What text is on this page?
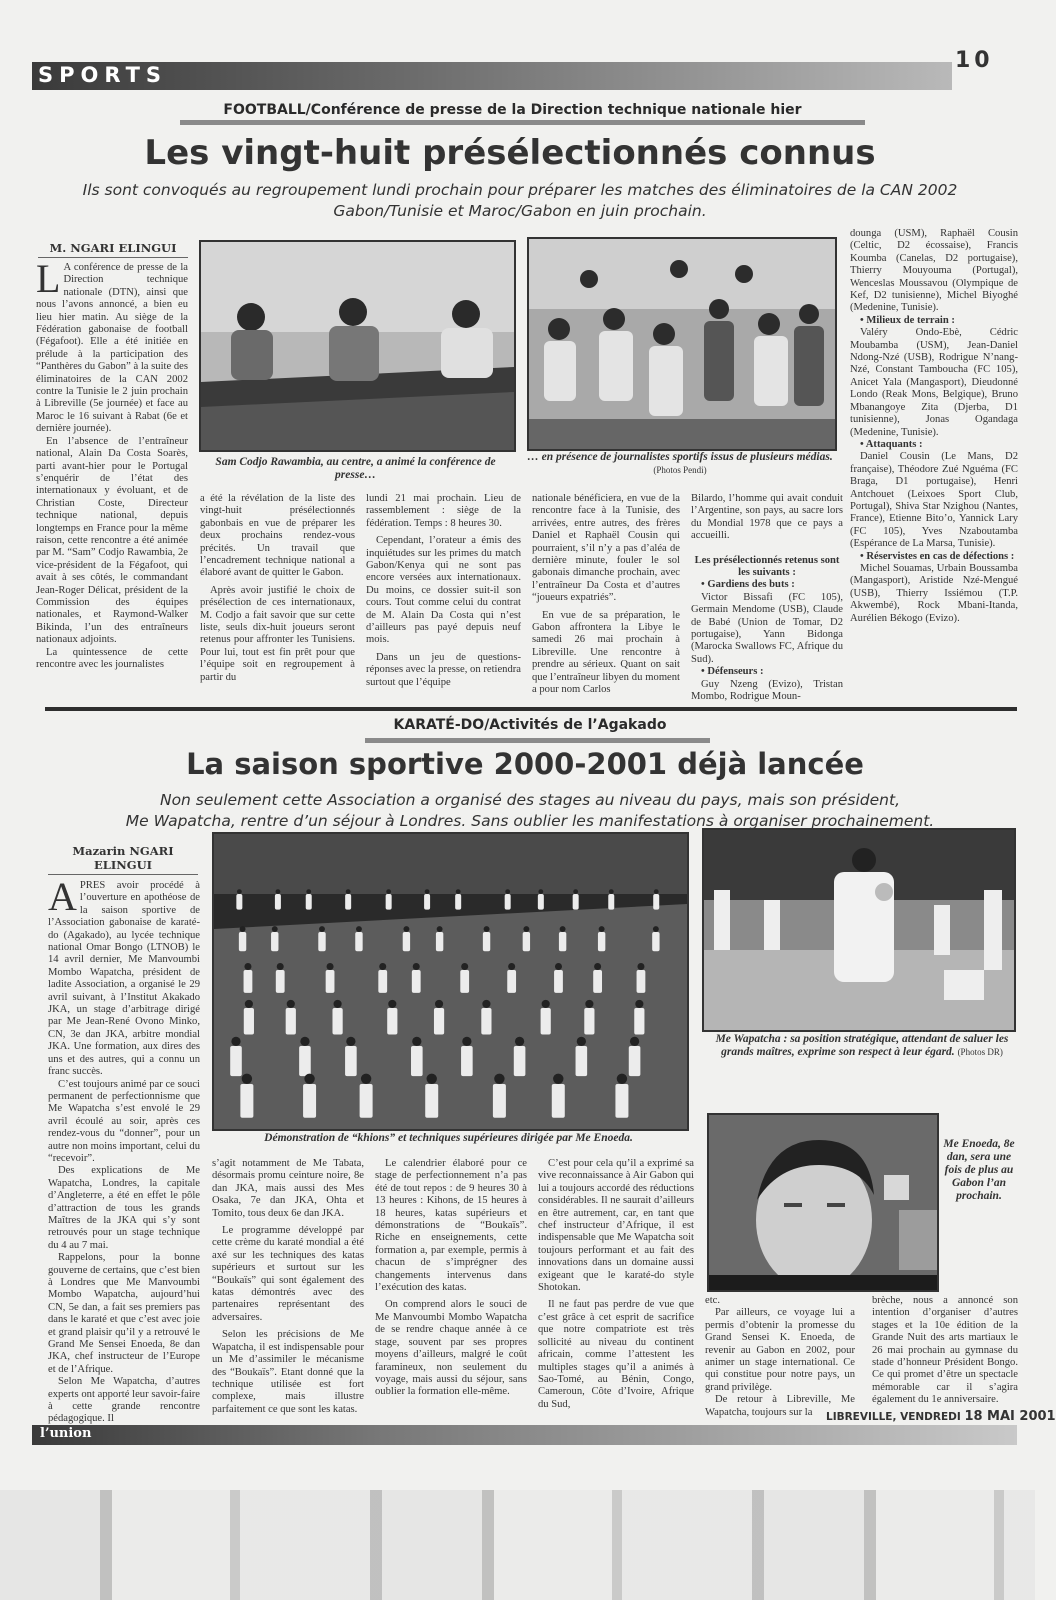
SPORTS
10
FOOTBALL/Conférence de presse de la Direction technique nationale hier
Les vingt-huit présélectionnés connus
Ils sont convoqués au regroupement lundi prochain pour préparer les matches des éliminatoires de la CAN 2002 Gabon/Tunisie et Maroc/Gabon en juin prochain.
M. NGARI ELINGUI
L A conférence de presse de la Direction technique nationale (DTN), ainsi que nous l’avons annoncé, a bien eu lieu hier matin. Au siège de la Fédération gabonaise de football (Fégafoot). Elle a été initiée en prélude à la participation des “Panthères du Gabon” à la suite des éliminatoires de la CAN 2002 contre la Tunisie le 2 juin prochain à Libreville (5e journée) et face au Maroc le 16 suivant à Rabat (6e et dernière journée).

En l’absence de l’entraîneur national, Alain Da Costa Soarès, parti avant-hier pour le Portugal s’enquérir de l’état des internationaux y évoluant, et de Christian Coste, Directeur technique national, depuis longtemps en France pour la même raison, cette rencontre a été animée par M. “Sam” Codjo Rawambia, 2e vice-président de la Fégafoot, qui avait à ses côtés, le commandant Jean-Roger Délicat, président de la Commission des équipes nationales, et Raymond-Walker Bikinda, l’un des entraîneurs nationaux adjoints.

La quintessence de cette rencontre avec les journalistes

Sam Codjo Rawambia, au centre, a animé la conférence de presse…
… en présence de journalistes sportifs issus de plusieurs médias. (Photos Pendi)

a été la révélation de la liste des vingt-huit présélectionnés gabonbais en vue de préparer les deux prochains rendez-vous précités. Un travail que l’encadrement technique national a élaboré avant de quitter le Gabon.

Après avoir justifié le choix de présélection de ces internationaux, M. Codjo a fait savoir que sur cette liste, seuls dix-huit joueurs seront retenus pour affronter les Tunisiens. Pour lui, tout est fin prêt pour que l’équipe soit en regroupement à partir du

lundi 21 mai prochain. Lieu de rassemblement : siège de la fédération. Temps : 8 heures 30.

Cependant, l’orateur a émis des inquiétudes sur les primes du match Gabon/Kenya qui ne sont pas encore versées aux internationaux. Du moins, ce dossier suit-il son cours. Tout comme celui du contrat de M. Alain Da Costa qui n’est d’ailleurs pas payé depuis neuf mois.

Dans un jeu de questions-réponses avec la presse, on retiendra surtout que l’équipe

nationale bénéficiera, en vue de la rencontre face à la Tunisie, des arrivées, entre autres, des frères Daniel et Raphaël Cousin qui pourraient, s’il n’y a pas d’aléa de dernière minute, fouler le sol gabonais dimanche prochain, avec l’entraîneur Da Costa et d’autres “joueurs expatriés”.

En vue de sa préparation, le Gabon affrontera la Libye le samedi 26 mai prochain à Libreville. Une rencontre à prendre au sérieux. Quant on sait que l’entraîneur libyen du moment a pour nom Carlos

Bilardo, l’homme qui avait conduit l’Argentine, son pays, au sacre lors du Mondial 1978 que ce pays a accueilli.

Les présélectionnés retenus sont les suivants :

• Gardiens des buts :

Victor Bissafi (FC 105), Germain Mendome (USB), Claude de Babé (Union de Tomar, D2 portugaise), Yann Bidonga (Marocka Swallows FC, Afrique du Sud).

• Défenseurs :

Guy Nzeng (Evizo), Tristan Mombo, Rodrigue Moun-

dounga (USM), Raphaël Cousin (Celtic, D2 écossaise), Francis Koumba (Canelas, D2 portugaise), Thierry Mouyouma (Portugal), Wenceslas Moussavou (Olympique de Kef, D2 tunisienne), Michel Biyoghé (Medenine, Tunisie).

• Milieux de terrain :

Valéry Ondo-Ebè, Cédric Moubamba (USM), Jean-Daniel Ndong-Nzé (USB), Rodrigue N’nang-Nzé, Constant Tamboucha (FC 105), Anicet Yala (Mangasport), Dieudonné Londo (Reak Mons, Belgique), Bruno Mbanangoye Zita (Djerba, D1 tunisienne), Jonas Ogandaga (Medenine, Tunisie).

• Attaquants :

Daniel Cousin (Le Mans, D2 française), Théodore Zué Nguéma (FC Braga, D1 portugaise), Henri Antchouet (Leixoes Sport Club, Portugal), Shiva Star Nzighou (Nantes, France), Etienne Bito’o, Yannick Lary (FC 105), Yves Nzaboutamba (Espérance de La Marsa, Tunisie).

• Réservistes en cas de défections :

Michel Souamas, Urbain Boussamba (Mangasport), Aristide Nzé-Mengué (USB), Thierry Issiémou (T.P. Akwembé), Rock Mbani-Itanda, Aurélien Békogo (Evizo).

KARATÉ-DO/Activités de l’Agakado
La saison sportive 2000-2001 déjà lancée
Non seulement cette Association a organisé des stages au niveau du pays, mais son président,
Me Wapatcha, rentre d’un séjour à Londres. Sans oublier les manifestations à organiser prochainement.
Mazarin NGARI ELINGUI
A PRES avoir procédé à l’ouverture en apothéose de la saison sportive de l’Association gabonaise de karaté-do (Agakado), au lycée technique national Omar Bongo (LTNOB) le 14 avril dernier, Me Manvoumbi Mombo Wapatcha, président de ladite Association, a organisé le 29 avril suivant, à l’Institut Akakado JKA, un stage d’arbitrage dirigé par Me Jean-René Ovono Minko, CN, 3e dan JKA, arbitre mondial JKA. Une formation, aux dires des uns et des autres, qui a connu un franc succès.

C’est toujours animé par ce souci permanent de perfectionnisme que Me Wapatcha s’est envolé le 29 avril écoulé au soir, après ces rendez-vous du “donner”, pour un autre non moins important, celui du “recevoir”.

Des explications de Me Wapatcha, Londres, la capitale d’Angleterre, a été en effet le pôle d’attraction de tous les grands Maîtres de la JKA qui s’y sont retrouvés pour un stage technique du 4 au 7 mai.

Rappelons, pour la bonne gouverne de certains, que c’est bien à Londres que Me Manvoumbi Mombo Wapatcha, aujourd’hui CN, 5e dan, a fait ses premiers pas dans le karaté et que c’est avec joie et grand plaisir qu’il y a retrouvé le Grand Me Sensei Enoeda, 8e dan JKA, chef instructeur de l’Europe et de l’Afrique.

Selon Me Wapatcha, d’autres experts ont apporté leur savoir-faire à cette grande rencontre pédagogique. Il

Démonstration de “khions” et techniques supérieures dirigée par Me Enoeda.
Me Wapatcha : sa position stratégique, attendant de saluer les grands maîtres, exprime son respect à leur égard. (Photos DR)
Me Enoeda, 8e dan, sera une fois de plus au Gabon l’an prochain.

s’agit notamment de Me Tabata, désormais promu ceinture noire, 8e dan JKA, mais aussi des Mes Osaka, 7e dan JKA, Ohta et Tomito, tous deux 6e dan JKA.

Le programme développé par cette crème du karaté mondial a été axé sur les techniques des katas supérieurs et surtout sur les “Boukaïs” qui sont également des katas démontrés avec des partenaires représentant des adversaires.

Selon les précisions de Me Wapatcha, il est indispensable pour un Me d’assimiler le mécanisme des “Boukaïs”. Etant donné que la technique utilisée est fort complexe, mais illustre parfaitement ce que sont les katas.

Le calendrier élaboré pour ce stage de perfectionnement n’a pas été de tout repos : de 9 heures 30 à 13 heures : Kihons, de 15 heures à 18 heures, katas supérieurs et démonstrations de “Boukaïs”. Riche en enseignements, cette formation a, par exemple, permis à chacun de s’imprégner des changements intervenus dans l’exécution des katas.

On comprend alors le souci de Me Manvoumbi Mombo Wapatcha de se rendre chaque année à ce stage, souvent par ses propres moyens d’ailleurs, malgré le coût faramineux, non seulement du voyage, mais aussi du séjour, sans oublier la formation elle-même.

C’est pour cela qu’il a exprimé sa vive reconnaissance à Air Gabon qui lui a toujours accordé des réductions considérables. Il ne saurait d’ailleurs en être autrement, car, en tant que chef instructeur d’Afrique, il est indispensable que Me Wapatcha soit toujours performant et au fait des innovations dans un domaine aussi exigeant que le karaté-do style Shotokan.

Il ne faut pas perdre de vue que c’est grâce à cet esprit de sacrifice que notre compatriote est très sollicité au niveau du continent africain, comme l’attestent les multiples stages qu’il a animés à Sao-Tomé, au Bénin, Congo, Cameroun, Côte d’Ivoire, Afrique du Sud,

etc.

Par ailleurs, ce voyage lui a permis d’obtenir la promesse du Grand Sensei K. Enoeda, de revenir au Gabon en 2002, pour animer un stage international. Ce qui constitue pour notre pays, un grand privilège.

De retour à Libreville, Me Wapatcha, toujours sur la

brèche, nous a annoncé son intention d’organiser d’autres stages et la 10e édition de la Grande Nuit des arts martiaux le 26 mai prochain au gymnase du stade d’honneur Président Bongo. Ce qui promet d’être un spectacle mémorable car il s’agira également du 1e anniversaire.

LIBREVILLE, VENDREDI 18 MAI 2001
l’union
